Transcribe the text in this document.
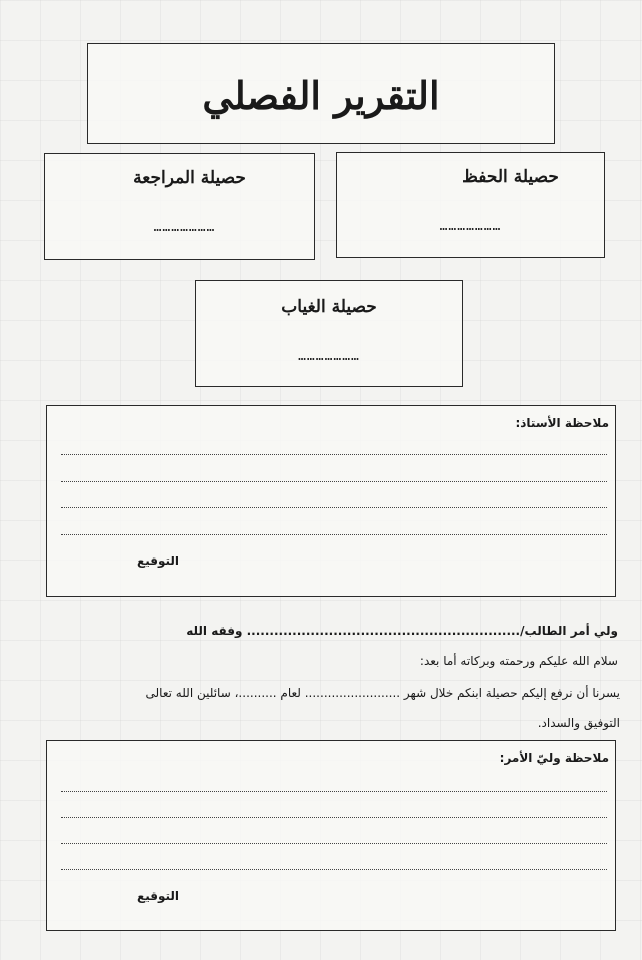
التقرير الفصلي
حصيلة الحفظ
…………………
حصيلة المراجعة
…………………
حصيلة الغياب
…………………
ملاحظة الأستاذ:
التوقيع
ولي أمر الطالب/............................................................ وفقه الله
سلام الله عليكم ورحمته وبركاته أما بعد:
يسرنا أن نرفع إليكم حصيلة ابنكم خلال شهر ......................... لعام ..........، سائلين الله تعالى
التوفيق والسداد.
ملاحظة وليّ الأمر:
التوقيع
